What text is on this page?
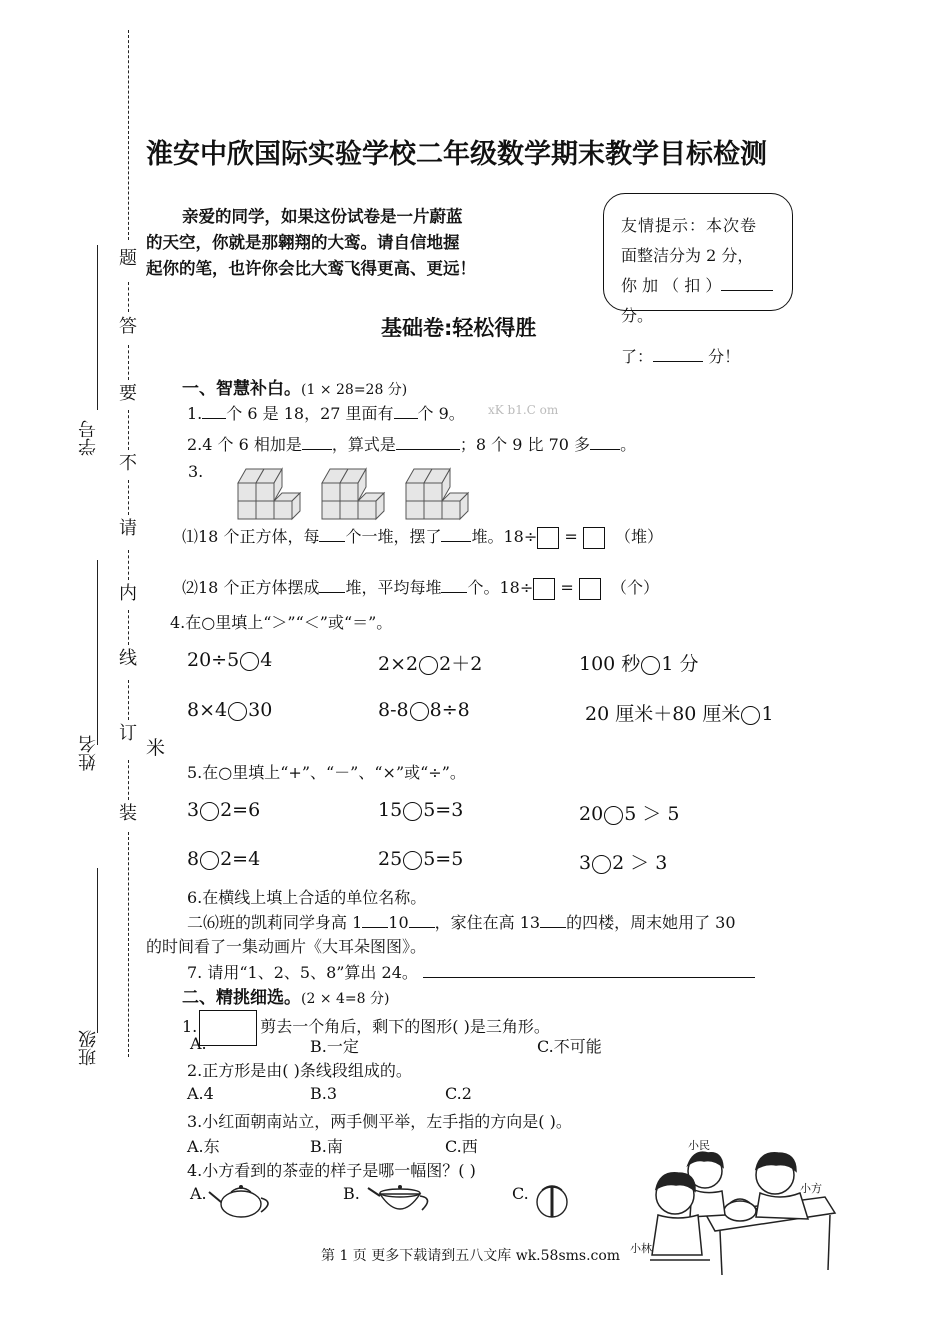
题
答
要
不
请
内
线
订
装
学号
姓名
班级
淮安中欣国际实验学校二年级数学期末教学目标检测
亲爱的同学，如果这份试卷是一片蔚蓝
的天空，你就是那翱翔的大鸾。请自信地握
起你的笔，也许你会比大鸾飞得更高、更远！
友情提示：本次卷
面整洁分为 2 分，
你 加 （ 扣 ）
分。
了：	分！
基础卷:轻松得胜
一、智慧补白。(1 × 28=28 分)
1. 个 6 是 18，27 里面有 个 9。 xK b1.C om
2.4 个 6 相加是 ，算式是	；8 个 9 比 70 多 。
3.
⑴18 个正方体，每 个一堆，摆了 堆。18÷ = （堆）
⑵18 个正方体摆成 堆，平均每堆 个。18÷ = （个）
4.在○里填上“＞”“＜”或“＝”。
20÷5 4	2×2 2＋2	100 秒 1 分
8×4 30	8-8 8÷8	20 厘米＋80 厘米 1
米
5.在○里填上“+”、“－”、“×”或“÷”。
3 2=6	15 5=3	20 5 ＞ 5
8 2=4	25 5=5	3 2 ＞ 3
6.在横线上填上合适的单位名称。
二⑹班的凯莉同学身高 1 10 ，家住在高 13 的四楼，周末她用了 30
的时间看了一集动画片《大耳朵图图》。
7. 请用“1、2、5、8”算出 24。
二、精挑细选。(2 × 4=8 分)
1.	剪去一个角后，剩下的图形( )是三角形。
A.	B.一定	C.不可能
2.正方形是由( )条线段组成的。
A.4	B.3	C.2
3.小红面朝南站立，两手侧平举，左手指的方向是( )。
A.东	B.南	C.西
4.小方看到的茶壶的样子是哪一幅图？( )
A.	B.	C.
小民
小方
小林
第 1 页 更多下载请到五八文库 wk.58sms.com
